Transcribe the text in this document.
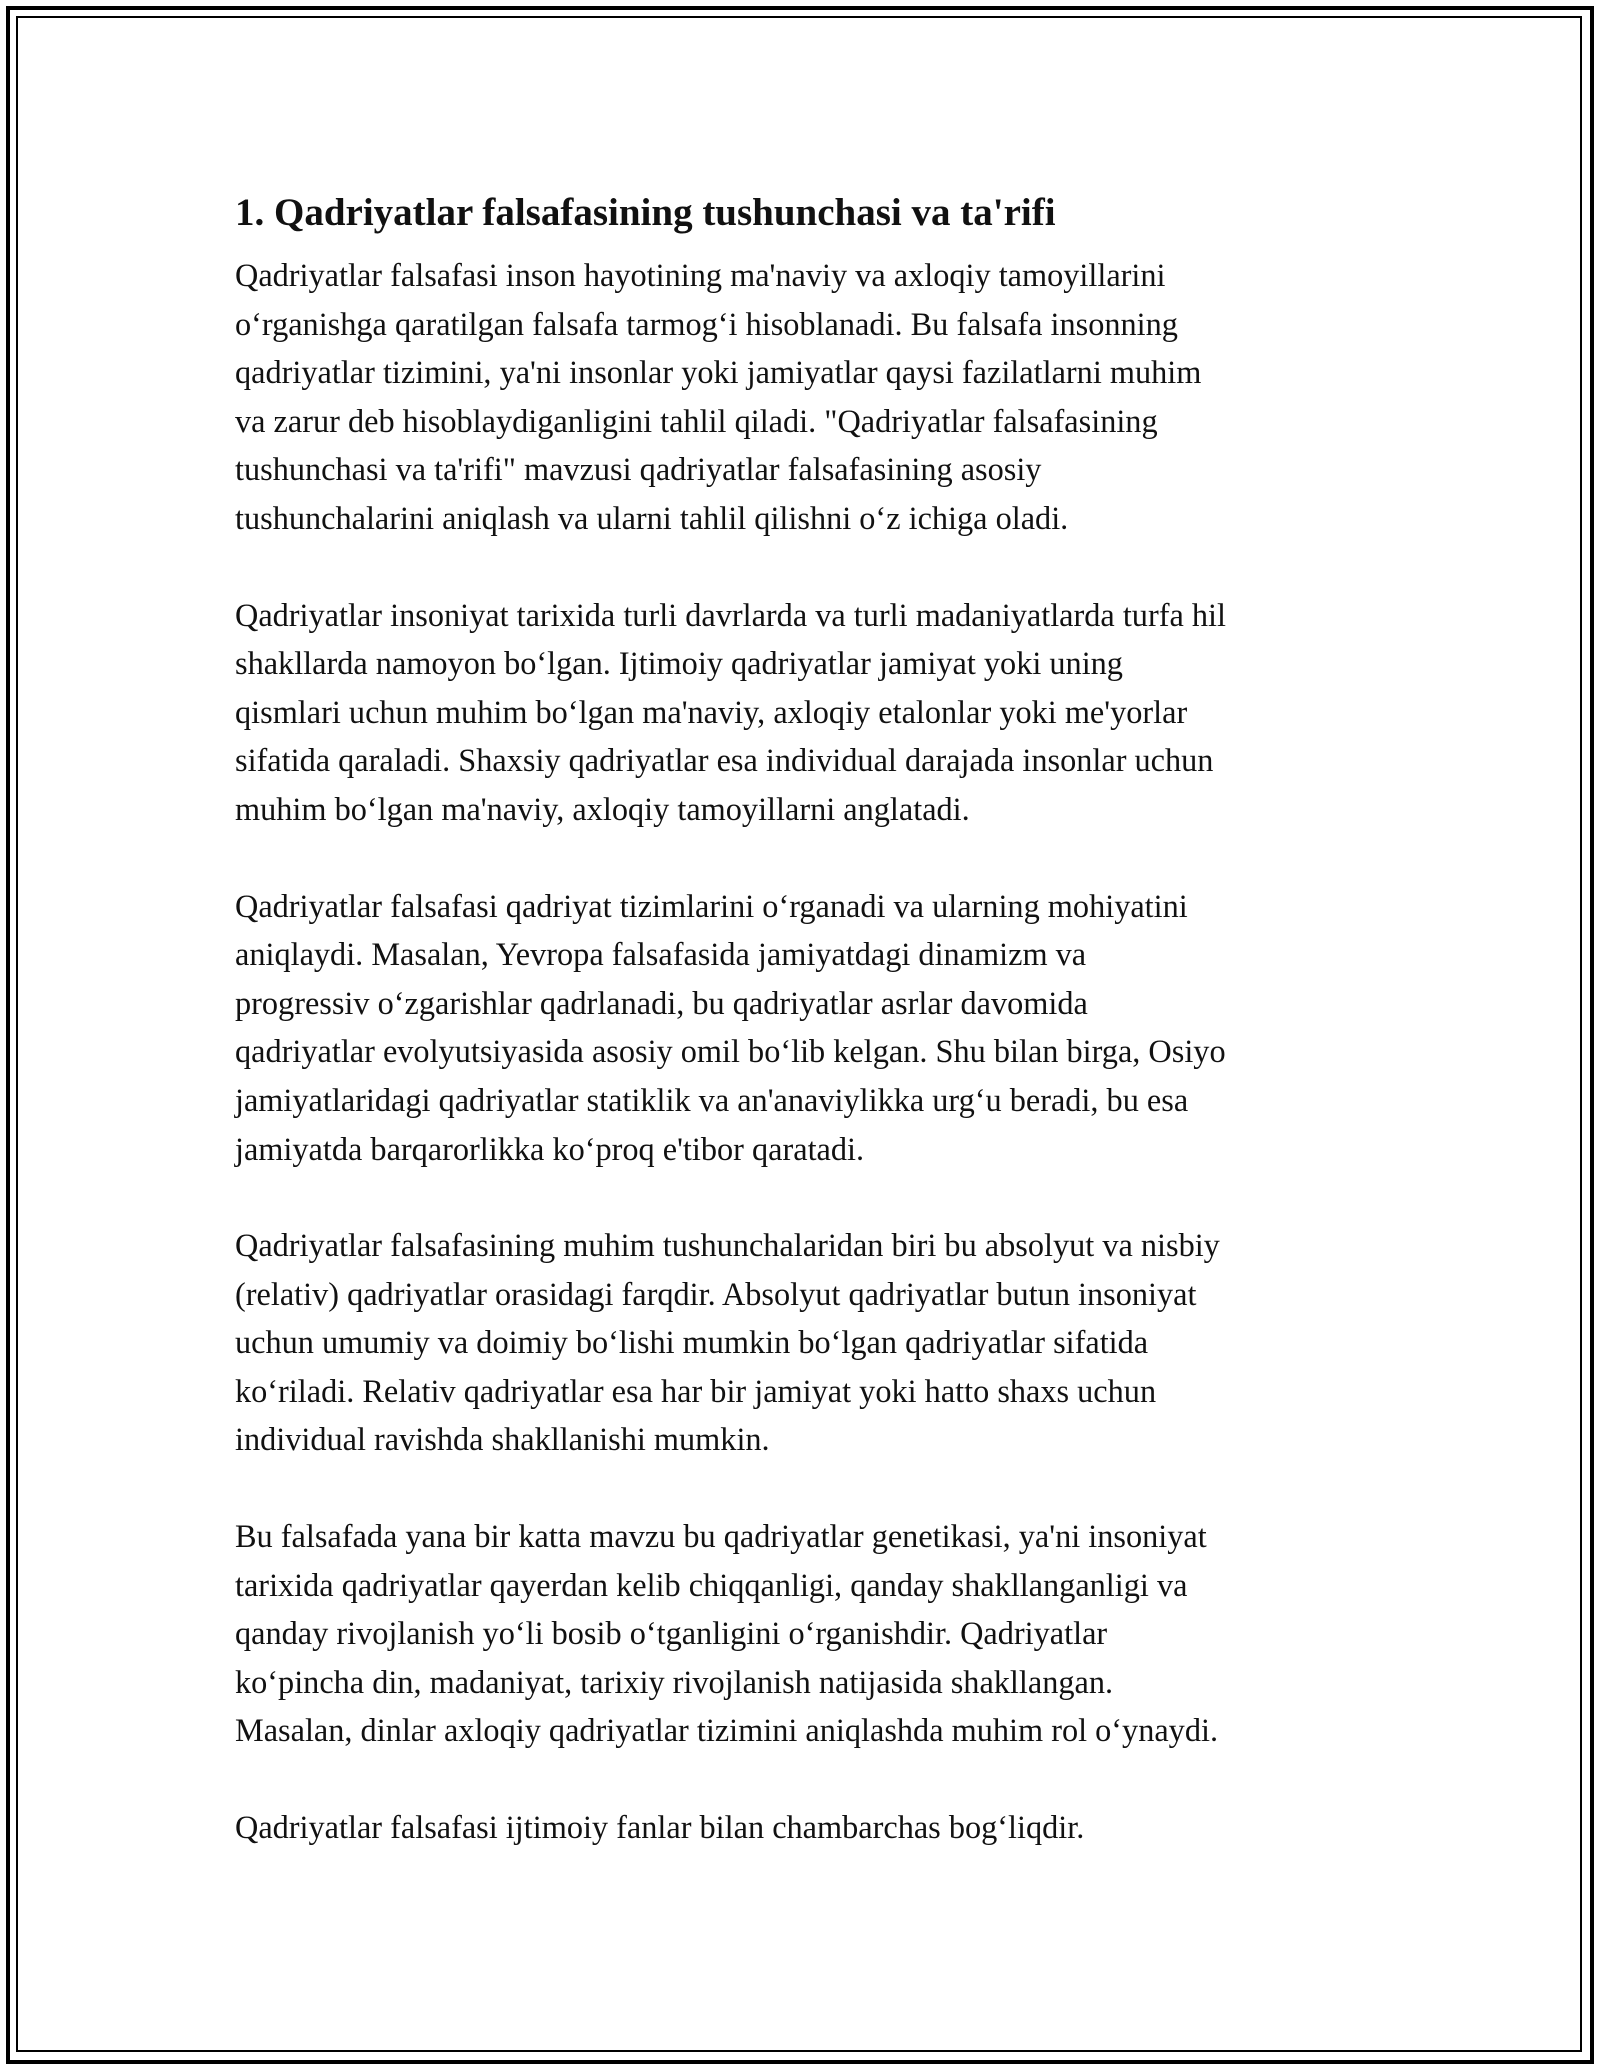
1. Qadriyatlar falsafasining tushunchasi va ta'rifi
Qadriyatlar falsafasi inson hayotining ma'naviy va axloqiy tamoyillarini
o‘rganishga qaratilgan falsafa tarmog‘i hisoblanadi. Bu falsafa insonning
qadriyatlar tizimini, ya'ni insonlar yoki jamiyatlar qaysi fazilatlarni muhim
va zarur deb hisoblaydiganligini tahlil qiladi. "Qadriyatlar falsafasining
tushunchasi va ta'rifi" mavzusi qadriyatlar falsafasining asosiy
tushunchalarini aniqlash va ularni tahlil qilishni o‘z ichiga oladi.
Qadriyatlar insoniyat tarixida turli davrlarda va turli madaniyatlarda turfa hil
shakllarda namoyon bo‘lgan. Ijtimoiy qadriyatlar jamiyat yoki uning
qismlari uchun muhim bo‘lgan ma'naviy, axloqiy etalonlar yoki me'yorlar
sifatida qaraladi. Shaxsiy qadriyatlar esa individual darajada insonlar uchun
muhim bo‘lgan ma'naviy, axloqiy tamoyillarni anglatadi.
Qadriyatlar falsafasi qadriyat tizimlarini o‘rganadi va ularning mohiyatini
aniqlaydi. Masalan, Yevropa falsafasida jamiyatdagi dinamizm va
progressiv o‘zgarishlar qadrlanadi, bu qadriyatlar asrlar davomida
qadriyatlar evolyutsiyasida asosiy omil bo‘lib kelgan. Shu bilan birga, Osiyo
jamiyatlaridagi qadriyatlar statiklik va an'anaviylikka urg‘u beradi, bu esa
jamiyatda barqarorlikka ko‘proq e'tibor qaratadi.
Qadriyatlar falsafasining muhim tushunchalaridan biri bu absolyut va nisbiy
(relativ) qadriyatlar orasidagi farqdir. Absolyut qadriyatlar butun insoniyat
uchun umumiy va doimiy bo‘lishi mumkin bo‘lgan qadriyatlar sifatida
ko‘riladi. Relativ qadriyatlar esa har bir jamiyat yoki hatto shaxs uchun
individual ravishda shakllanishi mumkin.
Bu falsafada yana bir katta mavzu bu qadriyatlar genetikasi, ya'ni insoniyat
tarixida qadriyatlar qayerdan kelib chiqqanligi, qanday shakllanganligi va
qanday rivojlanish yo‘li bosib o‘tganligini o‘rganishdir. Qadriyatlar
ko‘pincha din, madaniyat, tarixiy rivojlanish natijasida shakllangan.
Masalan, dinlar axloqiy qadriyatlar tizimini aniqlashda muhim rol o‘ynaydi.
Qadriyatlar falsafasi ijtimoiy fanlar bilan chambarchas bog‘liqdir.
